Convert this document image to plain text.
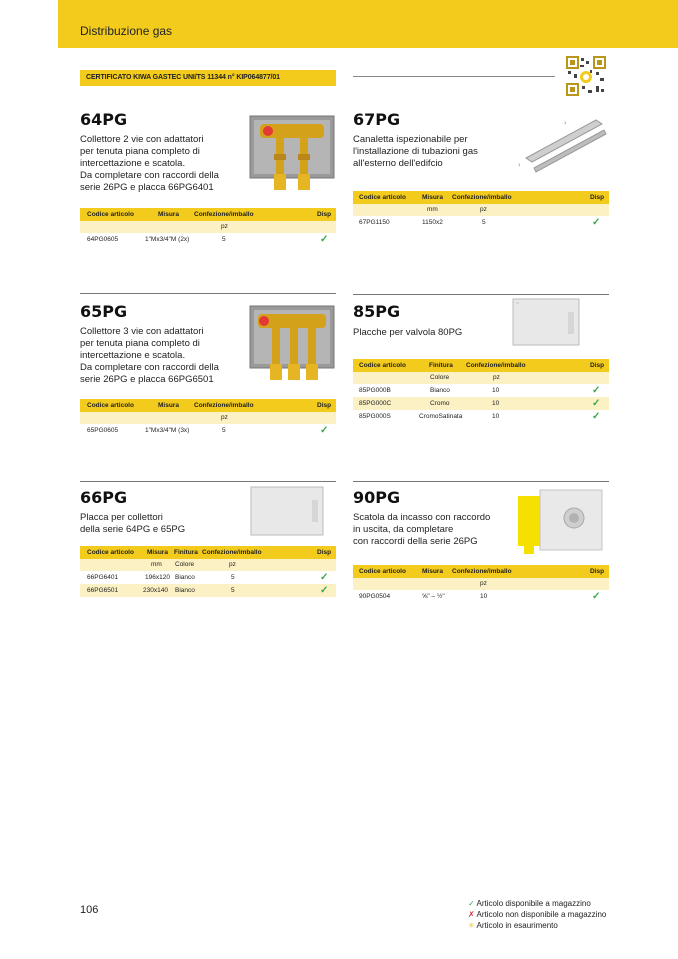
Distribuzione gas
CERTIFICATO KIWA GASTEC UNI/TS 11344 n° KIP064877/01
64PG
Collettore 2 vie con adattatori
per tenuta piana completo di
intercettazione e scatola.
Da completare con raccordi della
serie 26PG e placca 66PG6401
Codice articolo	Misura Confezione/imballo	Disp
pz
64PG0605	1"Mx3/4"M (2x)	5	✓
67PG
Canaletta ispezionabile per
l'installazione di tubazioni gas
all'esterno dell'edifcio
1
1
Codice articolo Misura Confezione/imballo	Disp
mm	pz
67PG1150	1150x2	5	✓
65PG
Collettore 3 vie con adattatori
per tenuta piana completo di
intercettazione e scatola.
Da completare con raccordi della
serie 26PG e placca 66PG6501
Codice articolo	Misura Confezione/imballo	Disp
pz
65PG0605	1"Mx3/4"M (3x)	5	✓
85PG
Placche per valvola 80PG
▭
Codice articolo	Finitura Confezione/imballo	Disp
Colore	pz
85PG000B	Bianco	10	✓
85PG000C	Cromo	10	✓
85PG000S	CromoSatinata	10	✓
66PG
Placca per collettori
della serie 64PG e 65PG
Codice articolo Misura Finitura Confezione/imballo	Disp
mm Colore	pz
66PG6401	196x120 Bianco	5	✓
66PG6501	230x140 Bianco	5	✓
90PG
Scatola da incasso con raccordo
in uscita, da completare
con raccordi della serie 26PG
Codice articolo Misura Confezione/imballo	Disp
pz
90PG0504	⅝" – ½"	10	✓
106
✓ Articolo disponibile a magazzino
✗ Articolo non disponibile a magazzino
✳ Articolo in esaurimento
